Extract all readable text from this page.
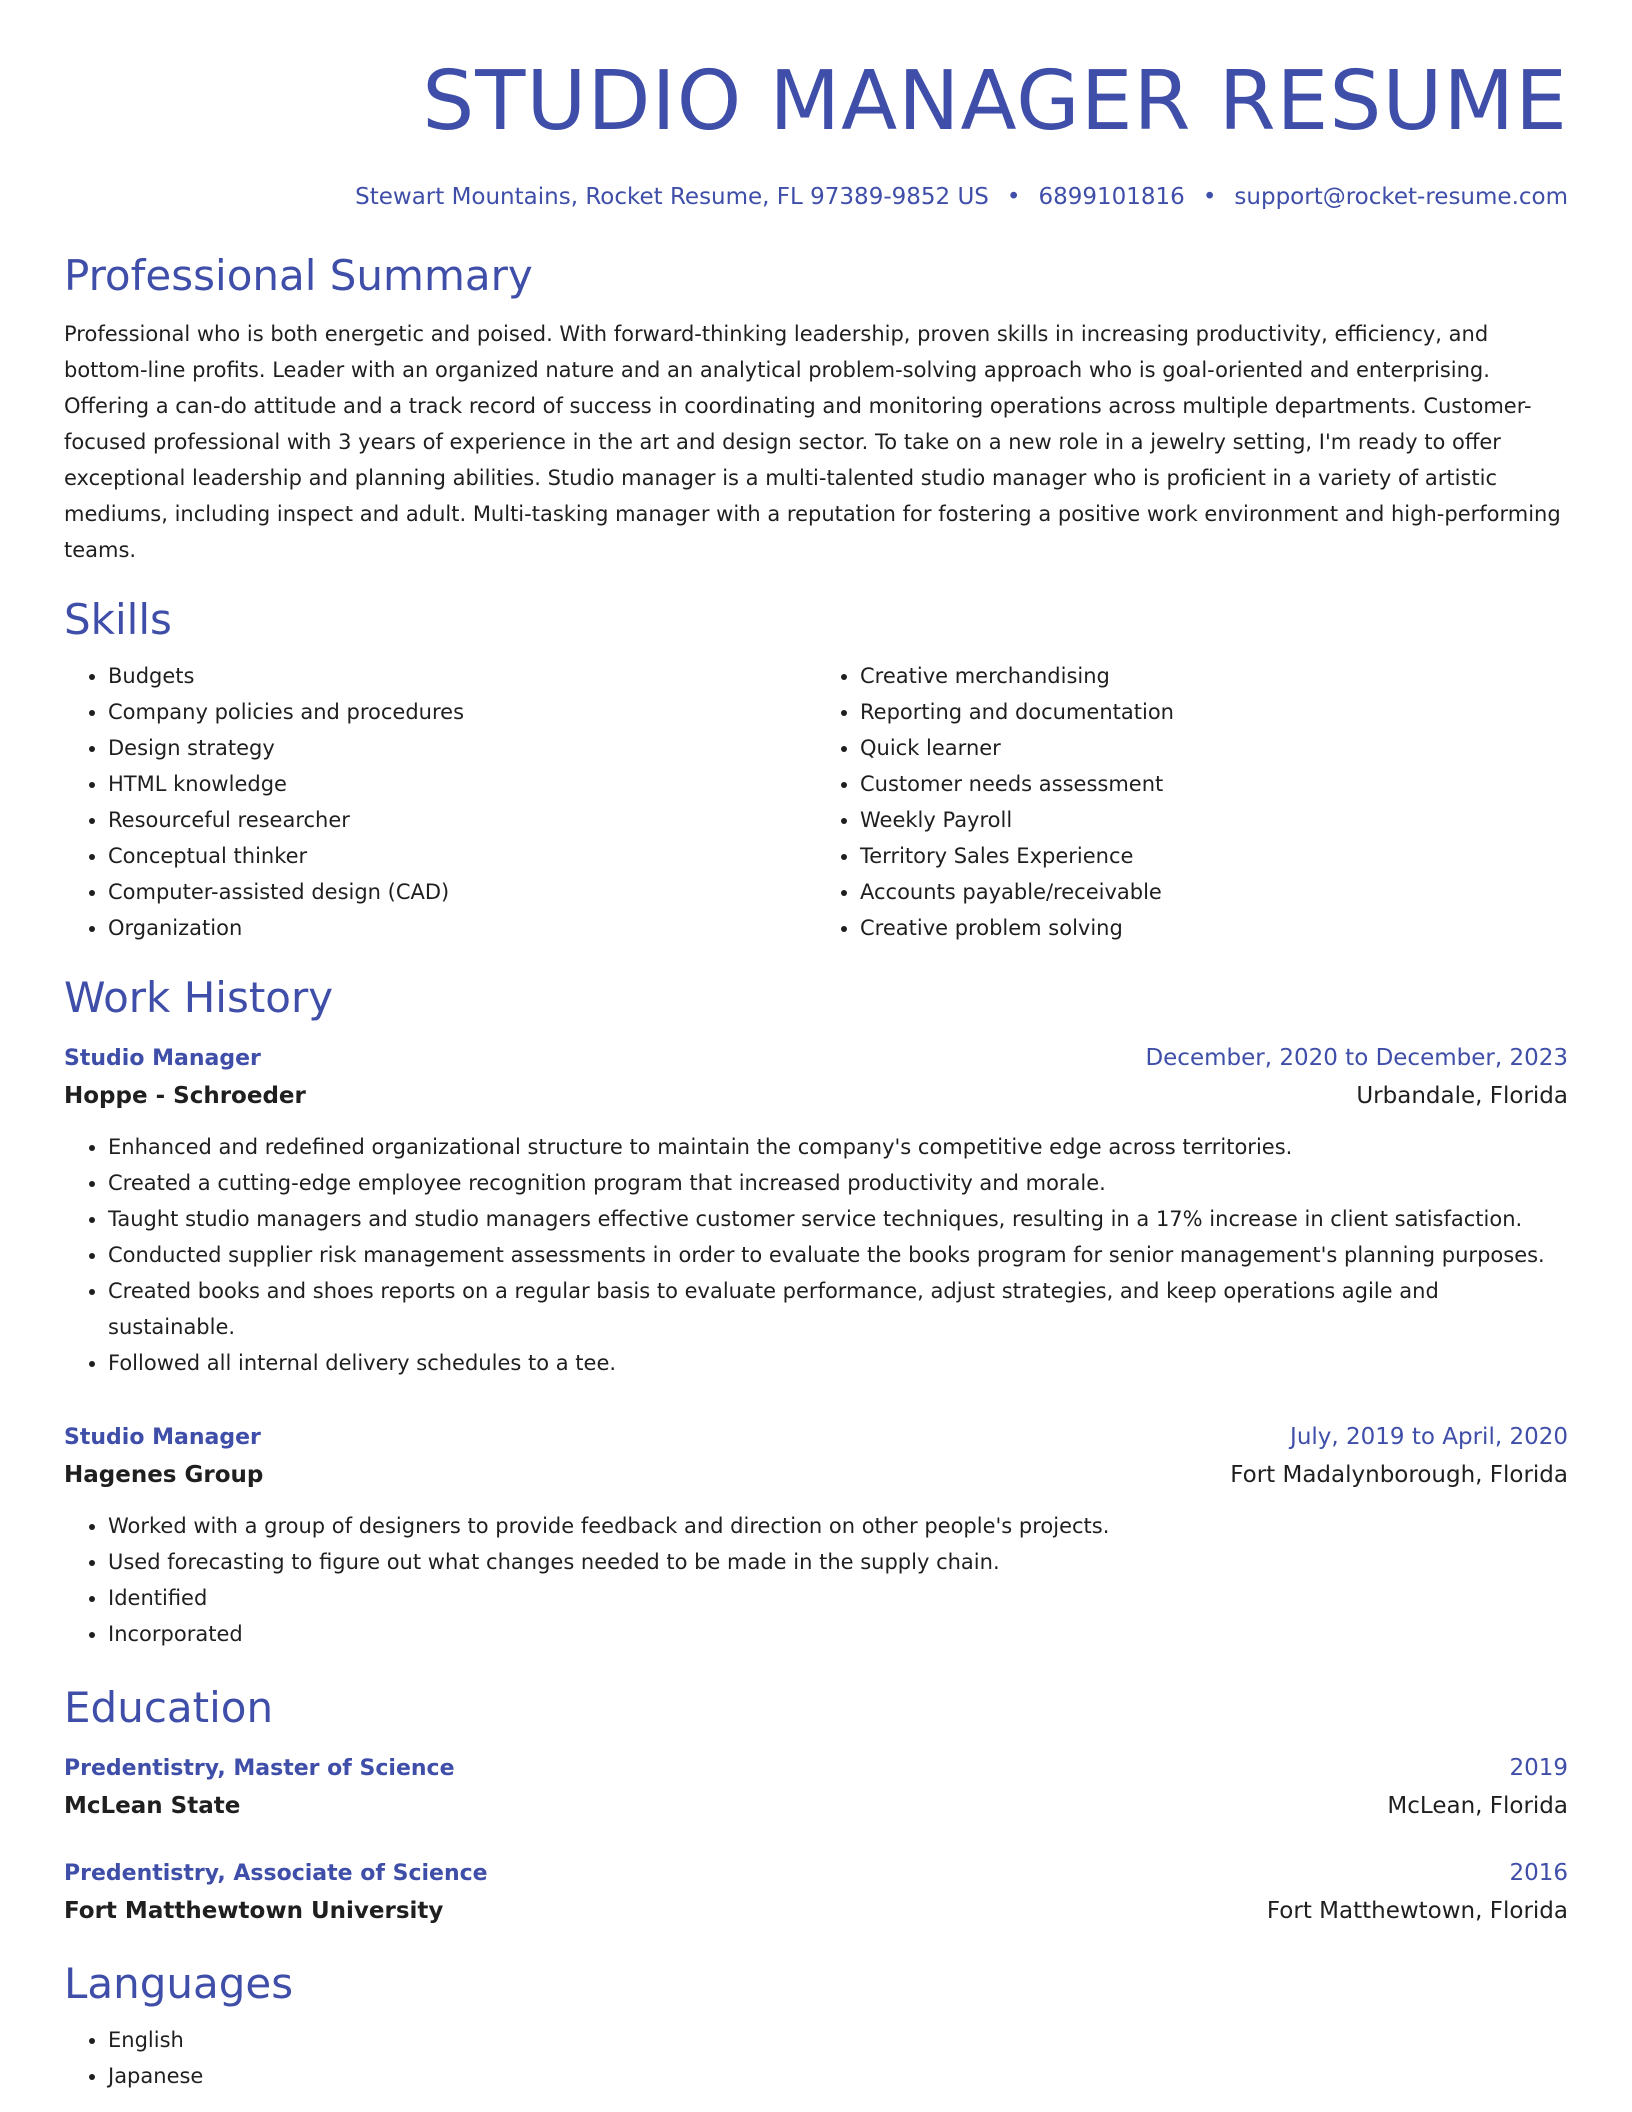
STUDIO MANAGER RESUME
Stewart Mountains, Rocket Resume, FL 97389-9852 US • 6899101816 • support@rocket-resume.com
Professional Summary

Professional who is both energetic and poised. With forward-thinking leadership, proven skills in increasing productivity, efficiency, and bottom-line profits. Leader with an organized nature and an analytical problem-solving approach who is goal-oriented and enterprising. Offering a can-do attitude and a track record of success in coordinating and monitoring operations across multiple departments. Customer-focused professional with 3 years of experience in the art and design sector. To take on a new role in a jewelry setting, I'm ready to offer exceptional leadership and planning abilities. Studio manager is a multi-talented studio manager who is proficient in a variety of artistic mediums, including inspect and adult. Multi-tasking manager with a reputation for fostering a positive work environment and high-performing teams.

Skills
• Budgets
• Company policies and procedures
• Design strategy
• HTML knowledge
• Resourceful researcher
• Conceptual thinker
• Computer-assisted design (CAD)
• Organization
• Creative merchandising
• Reporting and documentation
• Quick learner
• Customer needs assessment
• Weekly Payroll
• Territory Sales Experience
• Accounts payable/receivable
• Creative problem solving
Work History
Studio Manager	December, 2020 to December, 2023
Hoppe - Schroeder	Urbandale, Florida
• Enhanced and redefined organizational structure to maintain the company's competitive edge across territories.
• Created a cutting-edge employee recognition program that increased productivity and morale.
• Taught studio managers and studio managers effective customer service techniques, resulting in a 17% increase in client satisfaction.
• Conducted supplier risk management assessments in order to evaluate the books program for senior management's planning purposes.
• Created books and shoes reports on a regular basis to evaluate performance, adjust strategies, and keep operations agile and sustainable.
• Followed all internal delivery schedules to a tee.
Studio Manager	July, 2019 to April, 2020
Hagenes Group	Fort Madalynborough, Florida
• Worked with a group of designers to provide feedback and direction on other people's projects.
• Used forecasting to figure out what changes needed to be made in the supply chain.
• Identified
• Incorporated
Education
Predentistry, Master of Science	2019
McLean State	McLean, Florida
Predentistry, Associate of Science	2016
Fort Matthewtown University	Fort Matthewtown, Florida
Languages
• English
• Japanese
